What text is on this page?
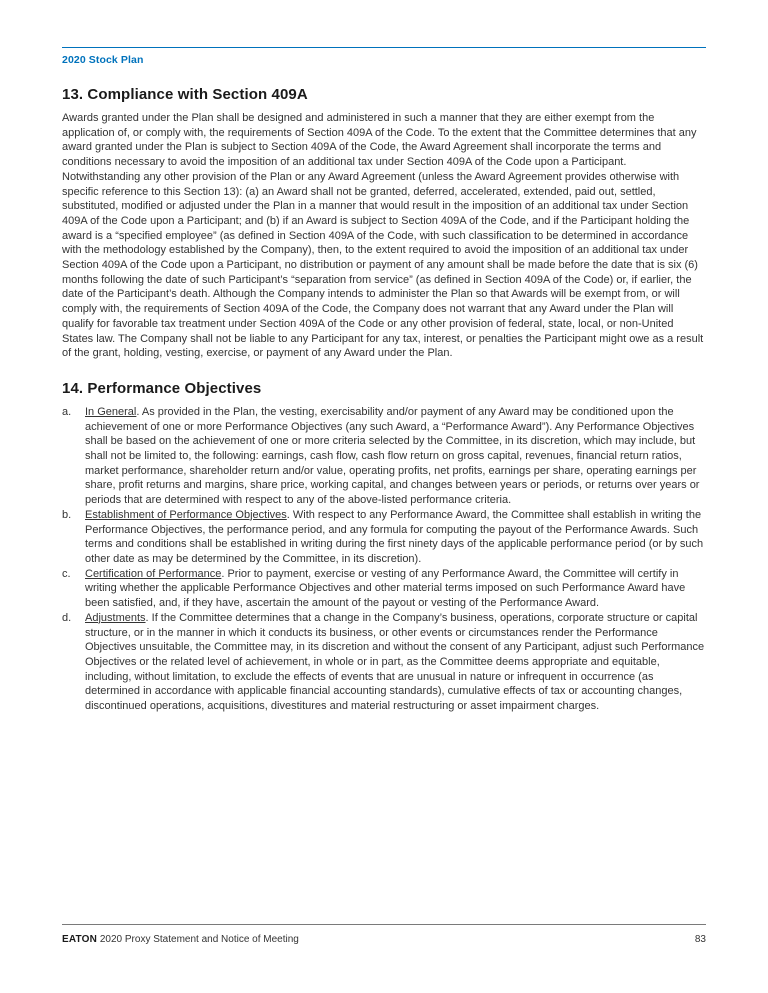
2020 Stock Plan
13. Compliance with Section 409A

Awards granted under the Plan shall be designed and administered in such a manner that they are either exempt from the application of, or comply with, the requirements of Section 409A of the Code. To the extent that the Committee determines that any award granted under the Plan is subject to Section 409A of the Code, the Award Agreement shall incorporate the terms and conditions necessary to avoid the imposition of an additional tax under Section 409A of the Code upon a Participant. Notwithstanding any other provision of the Plan or any Award Agreement (unless the Award Agreement provides otherwise with specific reference to this Section 13): (a) an Award shall not be granted, deferred, accelerated, extended, paid out, settled, substituted, modified or adjusted under the Plan in a manner that would result in the imposition of an additional tax under Section 409A of the Code upon a Participant; and (b) if an Award is subject to Section 409A of the Code, and if the Participant holding the award is a “specified employee” (as defined in Section 409A of the Code, with such classification to be determined in accordance with the methodology established by the Company), then, to the extent required to avoid the imposition of an additional tax under Section 409A of the Code upon a Participant, no distribution or payment of any amount shall be made before the date that is six (6) months following the date of such Participant’s “separation from service” (as defined in Section 409A of the Code) or, if earlier, the date of the Participant’s death. Although the Company intends to administer the Plan so that Awards will be exempt from, or will comply with, the requirements of Section 409A of the Code, the Company does not warrant that any Award under the Plan will qualify for favorable tax treatment under Section 409A of the Code or any other provision of federal, state, local, or non-United States law. The Company shall not be liable to any Participant for any tax, interest, or penalties the Participant might owe as a result of the grant, holding, vesting, exercise, or payment of any Award under the Plan.

14. Performance Objectives
a.	In General. As provided in the Plan, the vesting, exercisability and/or payment of any Award may be conditioned upon the achievement of one or more Performance Objectives (any such Award, a “Performance Award”). Any Performance Objectives shall be based on the achievement of one or more criteria selected by the Committee, in its discretion, which may include, but shall not be limited to, the following: earnings, cash flow, cash flow return on gross capital, revenues, financial return ratios, market performance, shareholder return and/or value, operating profits, net profits, earnings per share, operating earnings per share, profit returns and margins, share price, working capital, and changes between years or periods, or returns over years or periods that are determined with respect to any of the above-listed performance criteria.
b.	Establishment of Performance Objectives. With respect to any Performance Award, the Committee shall establish in writing the Performance Objectives, the performance period, and any formula for computing the payout of the Performance Awards. Such terms and conditions shall be established in writing during the first ninety days of the applicable performance period (or by such other date as may be determined by the Committee, in its discretion).
c.	Certification of Performance. Prior to payment, exercise or vesting of any Performance Award, the Committee will certify in writing whether the applicable Performance Objectives and other material terms imposed on such Performance Award have been satisfied, and, if they have, ascertain the amount of the payout or vesting of the Performance Award.
d.	Adjustments. If the Committee determines that a change in the Company’s business, operations, corporate structure or capital structure, or in the manner in which it conducts its business, or other events or circumstances render the Performance Objectives unsuitable, the Committee may, in its discretion and without the consent of any Participant, adjust such Performance Objectives or the related level of achievement, in whole or in part, as the Committee deems appropriate and equitable, including, without limitation, to exclude the effects of events that are unusual in nature or infrequent in occurrence (as determined in accordance with applicable financial accounting standards), cumulative effects of tax or accounting changes, discontinued operations, acquisitions, divestitures and material restructuring or asset impairment charges.
EATON 2020 Proxy Statement and Notice of Meeting	83
